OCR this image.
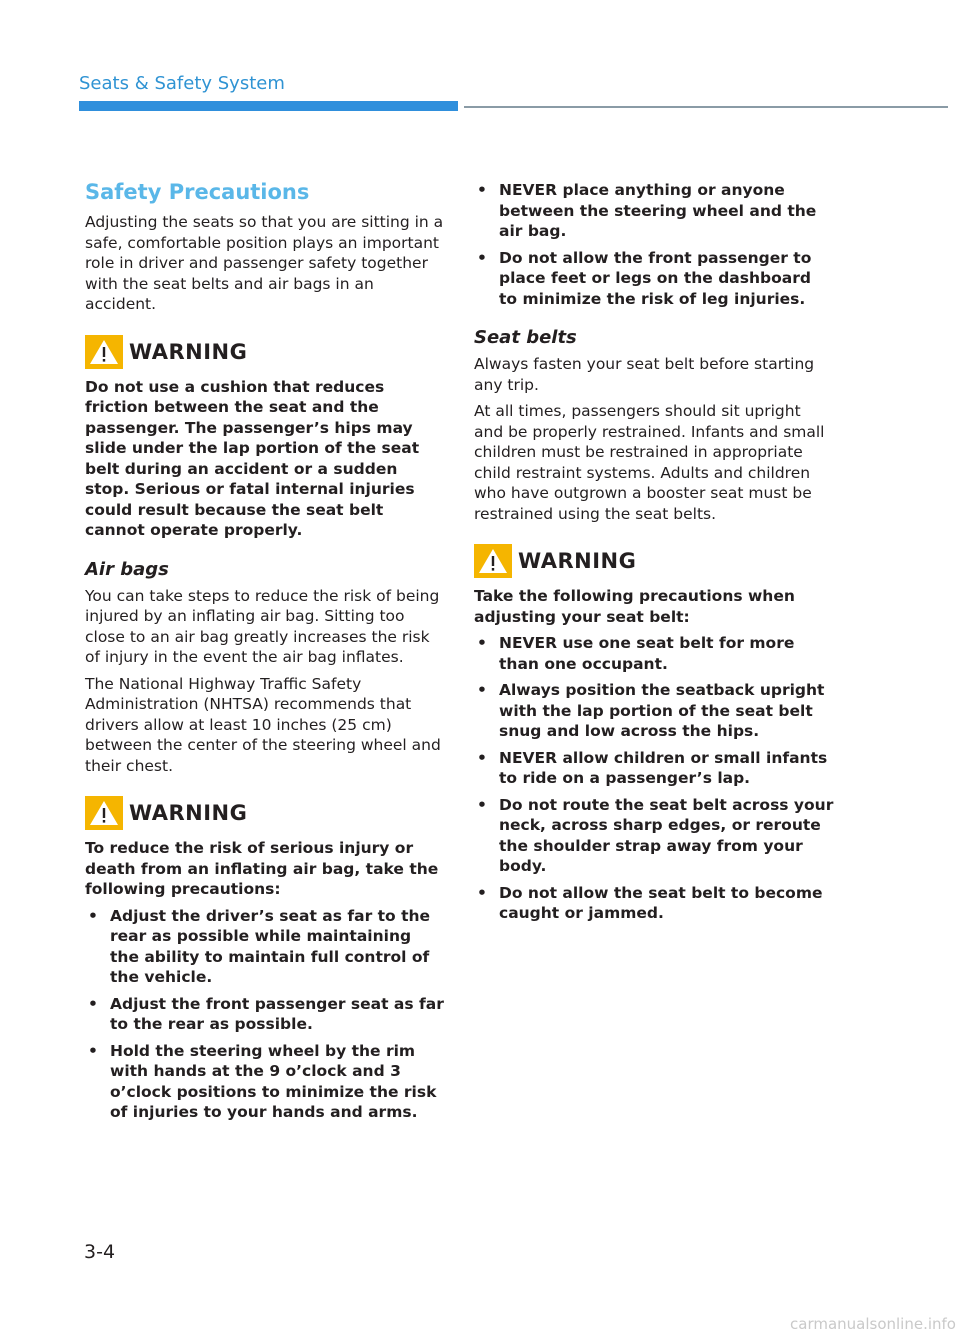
Seats & Safety System
Safety Precautions

Adjusting the seats so that you are sitting in a safe, comfortable position plays an important role in driver and passenger safety together with the seat belts and air bags in an accident.

WARNING

Do not use a cushion that reduces friction between the seat and the passenger. The passenger’s hips may slide under the lap portion of the seat belt during an accident or a sudden stop. Serious or fatal internal injuries could result because the seat belt cannot operate properly.

Air bags

You can take steps to reduce the risk of being injured by an inflating air bag. Sitting too close to an air bag greatly increases the risk of injury in the event the air bag inflates.

The National Highway Traffic Safety Administration (NHTSA) recommends that drivers allow at least 10 inches (25 cm) between the center of the steering wheel and their chest.

WARNING

To reduce the risk of serious injury or death from an inflating air bag, take the following precautions:

• Adjust the driver’s seat as far to the rear as possible while maintaining the ability to maintain full control of the vehicle.
• Adjust the front passenger seat as far to the rear as possible.
• Hold the steering wheel by the rim with hands at the 9 o’clock and 3 o’clock positions to minimize the risk of injuries to your hands and arms.
• NEVER place anything or anyone between the steering wheel and the air bag.
• Do not allow the front passenger to place feet or legs on the dashboard to minimize the risk of leg injuries.
Seat belts

Always fasten your seat belt before starting any trip.

At all times, passengers should sit upright and be properly restrained. Infants and small children must be restrained in appropriate child restraint systems. Adults and children who have outgrown a booster seat must be restrained using the seat belts.

WARNING

Take the following precautions when adjusting your seat belt:

• NEVER use one seat belt for more than one occupant.
• Always position the seatback upright with the lap portion of the seat belt snug and low across the hips.
• NEVER allow children or small infants to ride on a passenger’s lap.
• Do not route the seat belt across your neck, across sharp edges, or reroute the shoulder strap away from your body.
• Do not allow the seat belt to become caught or jammed.
3-4
carmanualsonline.info
